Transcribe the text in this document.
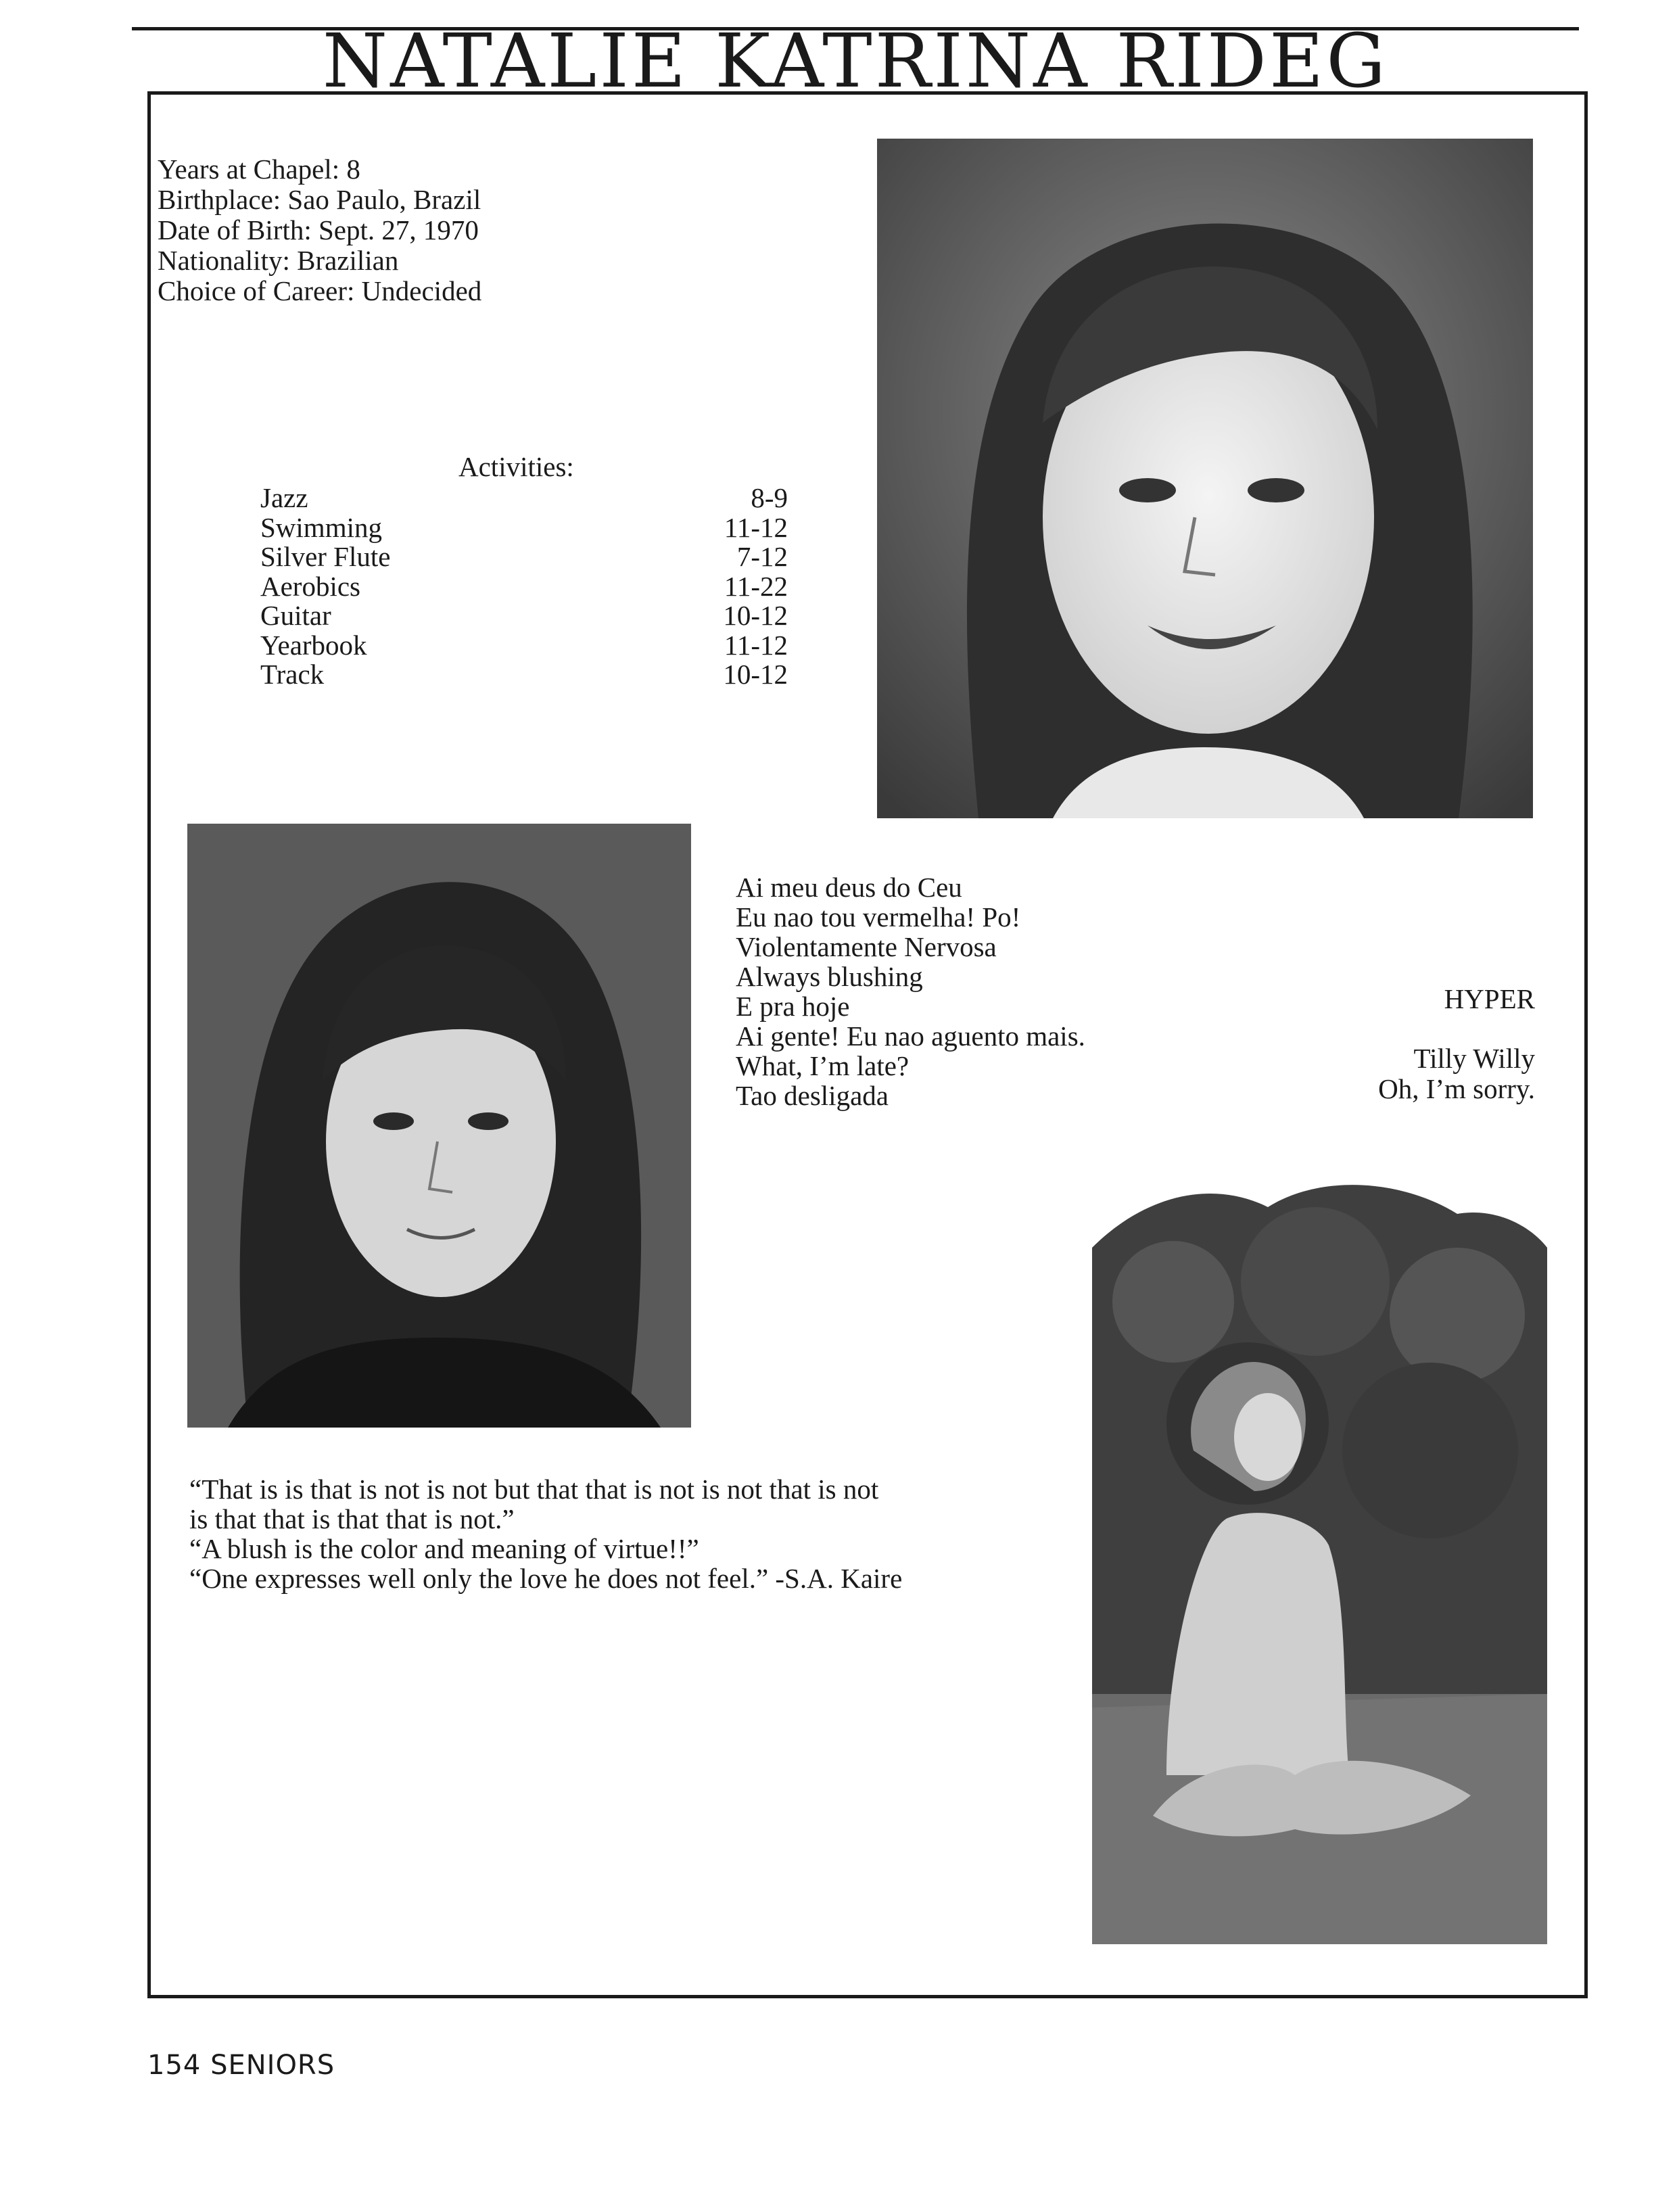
NATALIE KATRINA RIDEG
Years at Chapel: 8
Birthplace: Sao Paulo, Brazil
Date of Birth: Sept. 27, 1970
Nationality: Brazilian
Choice of Career: Undecided
Activities:
Jazz	8-9
Swimming	11-12
Silver Flute	7-12
Aerobics	11-22
Guitar	10-12
Yearbook	11-12
Track	10-12
Ai meu deus do Ceu
Eu nao tou vermelha! Po!
Violentamente Nervosa
Always blushing
E pra hoje
Ai gente! Eu nao aguento mais.
What, I’m late?
Tao desligada
HYPER
Tilly Willy
Oh, I’m sorry.
“That is is that is not is not but that that is not is not that is not
is that that is that that is not.”
“A blush is the color and meaning of virtue!!”
“One expresses well only the love he does not feel.” -S.A. Kaire
154 SENIORS
